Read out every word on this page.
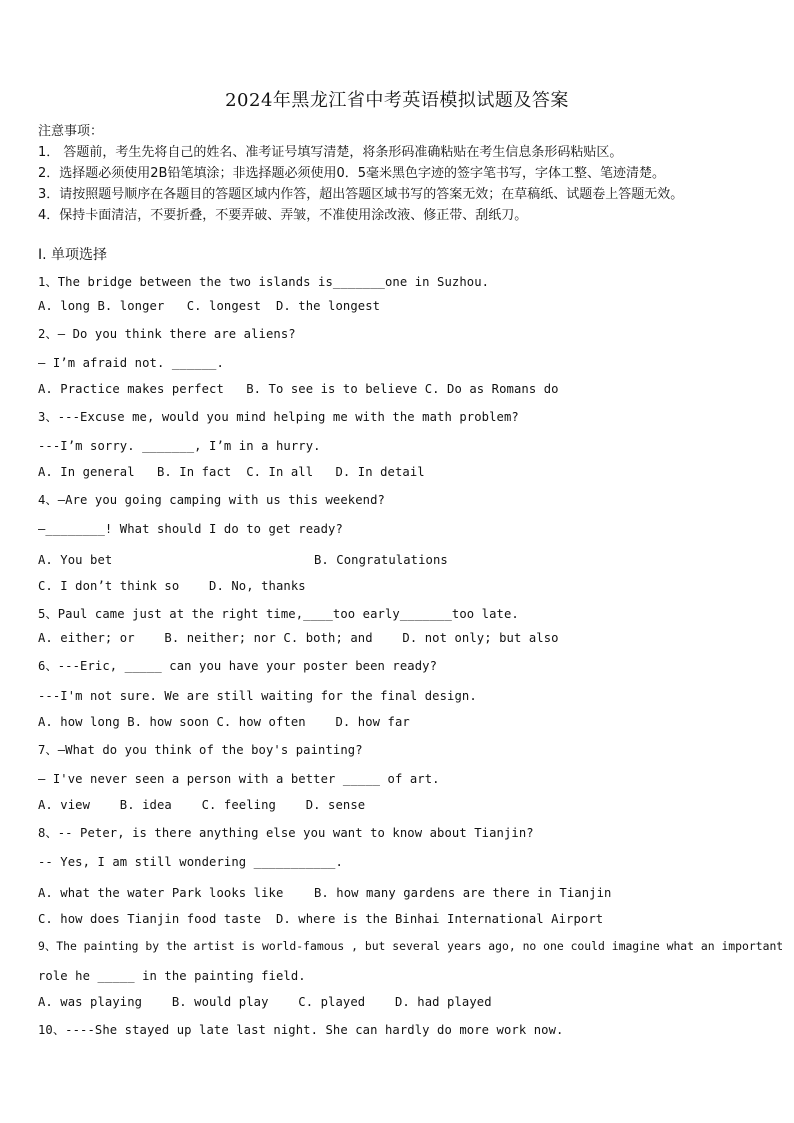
2024年黑龙江省中考英语模拟试题及答案
注意事项：
1． 答题前，考生先将自己的姓名、准考证号填写清楚，将条形码准确粘贴在考生信息条形码粘贴区。
2．选择题必须使用2B铅笔填涂；非选择题必须使用0．5毫米黑色字迹的签字笔书写，字体工整、笔迹清楚。
3．请按照题号顺序在各题目的答题区域内作答，超出答题区域书写的答案无效；在草稿纸、试题卷上答题无效。
4．保持卡面清洁，不要折叠，不要弄破、弄皱，不准使用涂改液、修正带、刮纸刀。
Ⅰ. 单项选择
1、The bridge between the two islands is_______one in Suzhou.
A. long B. longer   C. longest  D. the longest
2、— Do you think there are aliens?
— I’m afraid not. ______.
A. Practice makes perfect   B. To see is to believe C. Do as Romans do
3、---Excuse me, would you mind helping me with the math problem?
---I’m sorry. _______, I’m in a hurry.
A. In general   B. In fact  C. In all   D. In detail
4、—Are you going camping with us this weekend?
—________! What should I do to get ready?
A. You bet	B. Congratulations
C. I don’t think so    D. No, thanks
5、Paul came just at the right time,____too early_______too late.
A. either; or    B. neither; nor C. both; and    D. not only; but also
6、---Eric, _____ can you have your poster been ready?
---I'm not sure. We are still waiting for the final design.
A. how long B. how soon C. how often    D. how far
7、—What do you think of the boy's painting?
— I've never seen a person with a better _____ of art.
A. view    B. idea    C. feeling    D. sense
8、-- Peter, is there anything else you want to know about Tianjin?
-- Yes, I am still wondering ___________.
A. what the water Park looks like	B. how many gardens are there in Tianjin
C. how does Tianjin food taste  D. where is the Binhai International Airport
9、The painting by the artist is world-famous , but several years ago, no one could imagine what an important
role he _____ in the painting field.
A. was playing    B. would play    C. played    D. had played
10、----She stayed up late last night. She can hardly do more work now.
